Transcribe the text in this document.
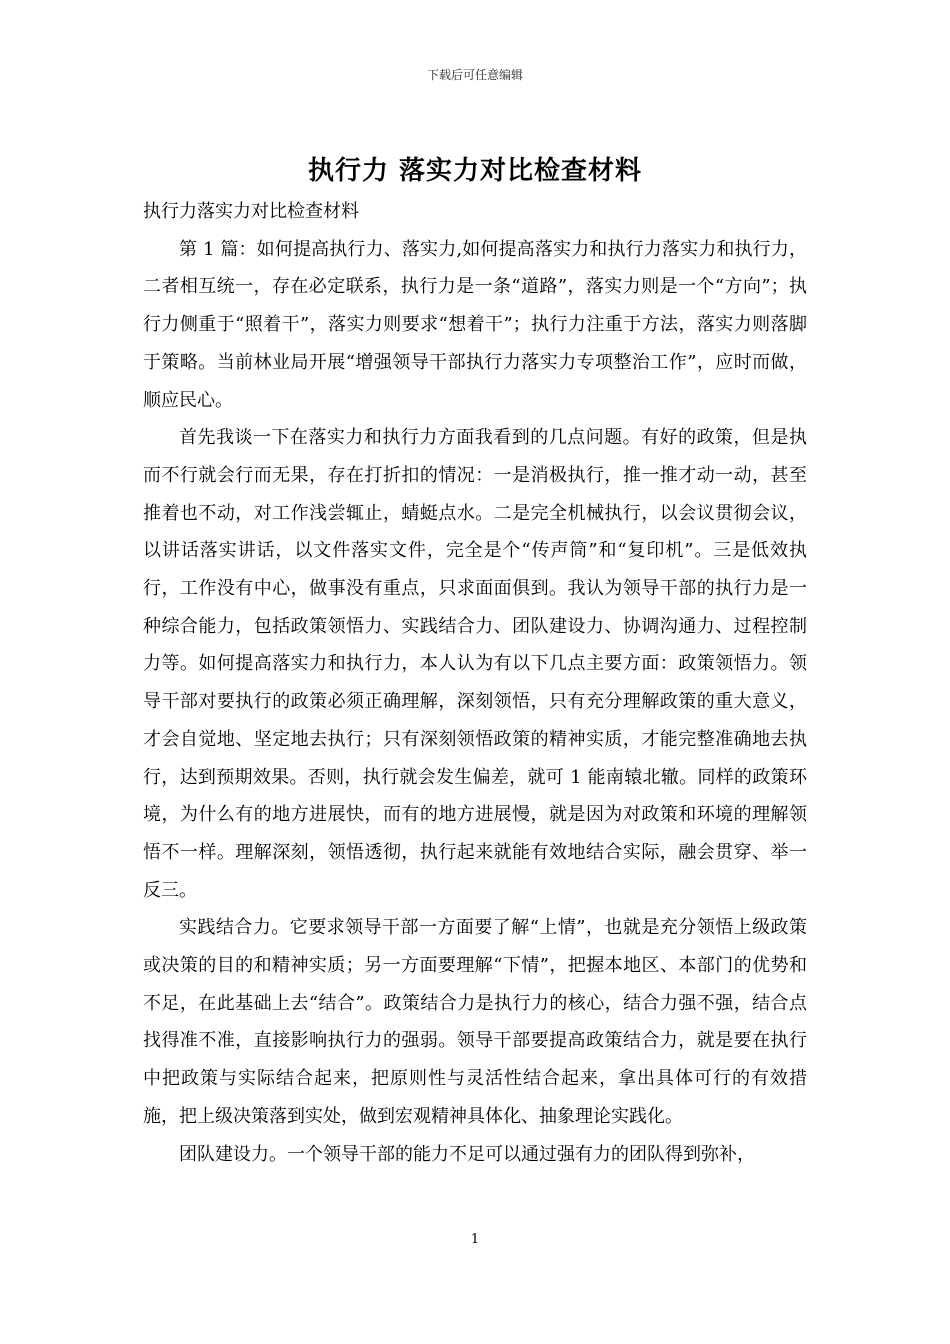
下载后可任意编辑
执行力 落实力对比检查材料

执行力落实力对比检查材料

第 1 篇：如何提高执行力、落实力,如何提高落实力和执行力落实力和执行力，二者相互统一，存在必定联系，执行力是一条“道路”，落实力则是一个“方向”；执行力侧重于“照着干”，落实力则要求“想着干”；执行力注重于方法，落实力则落脚于策略。当前林业局开展“增强领导干部执行力落实力专项整治工作”，应时而做，顺应民心。

首先我谈一下在落实力和执行力方面我看到的几点问题。有好的政策，但是执而不行就会行而无果，存在打折扣的情况：一是消极执行，推一推才动一动，甚至推着也不动，对工作浅尝辄止，蜻蜓点水。二是完全机械执行，以会议贯彻会议，以讲话落实讲话，以文件落实文件，完全是个“传声筒”和“复印机”。三是低效执行，工作没有中心，做事没有重点，只求面面俱到。我认为领导干部的执行力是一种综合能力，包括政策领悟力、实践结合力、团队建设力、协调沟通力、过程控制力等。如何提高落实力和执行力，本人认为有以下几点主要方面：政策领悟力。领导干部对要执行的政策必须正确理解，深刻领悟，只有充分理解政策的重大意义，才会自觉地、坚定地去执行；只有深刻领悟政策的精神实质，才能完整准确地去执行，达到预期效果。否则，执行就会发生偏差，就可 1 能南辕北辙。同样的政策环境，为什么有的地方进展快，而有的地方进展慢，就是因为对政策和环境的理解领悟不一样。理解深刻，领悟透彻，执行起来就能有效地结合实际，融会贯穿、举一反三。

实践结合力。它要求领导干部一方面要了解“上情”，也就是充分领悟上级政策或决策的目的和精神实质；另一方面要理解“下情”，把握本地区、本部门的优势和不足，在此基础上去“结合”。政策结合力是执行力的核心，结合力强不强，结合点找得准不准，直接影响执行力的强弱。领导干部要提高政策结合力，就是要在执行中把政策与实际结合起来，把原则性与灵活性结合起来，拿出具体可行的有效措施，把上级决策落到实处，做到宏观精神具体化、抽象理论实践化。

团队建设力。一个领导干部的能力不足可以通过强有力的团队得到弥补，

1
